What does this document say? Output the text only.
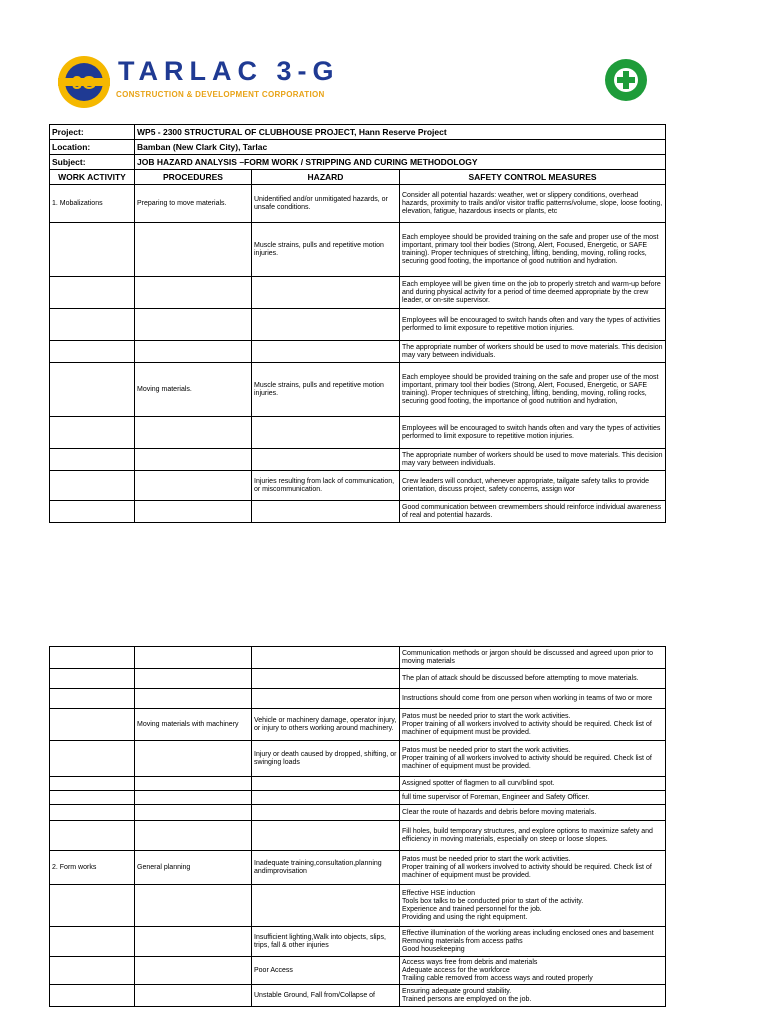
3G TARLAC 3-G
CONSTRUCTION & DEVELOPMENT CORPORATION
Project:	WP5 - 2300 STRUCTURAL OF CLUBHOUSE PROJECT, Hann Reserve Project		
Location:	Bamban (New Clark City), Tarlac		
Subject:	JOB HAZARD ANALYSIS –FORM WORK / STRIPPING AND CURING METHODOLOGY		
WORK ACTIVITY	PROCEDURES	HAZARD	SAFETY CONTROL MEASURES
1. Mobalizations	Preparing to move materials.	Unidentified and/or unmitigated hazards, or unsafe conditions.	Consider all potential hazards: weather, wet or slippery conditions, overhead hazards, proximity to trails and/or visitor traffic patterns/volume, slope, loose footing, elevation, fatigue, hazardous insects or plants, etc
		Muscle strains, pulls and repetitive motion injuries.	Each employee should be provided training on the safe and proper use of the most important, primary tool their bodies (Strong, Alert, Focused, Energetic, or SAFE training). Proper techniques of stretching, lifting, bending, moving, rolling rocks, securing good footing, the importance of good nutrition and hydration.
			Each employee will be given time on the job to properly stretch and warm-up before and during physical activity for a period of time deemed appropriate by the crew leader, or on-site supervisor.
			Employees will be encouraged to switch hands often and vary the types of activities performed to limit exposure to repetitive motion injuries.
			The appropriate number of workers should be used to move materials. This decision may vary between individuals.
	Moving materials.	Muscle strains, pulls and repetitive motion injuries.	Each employee should be provided training on the safe and proper use of the most important, primary tool their bodies (Strong, Alert, Focused, Energetic, or SAFE training). Proper techniques of stretching, lifting, bending, moving, rolling rocks, securing good footing, the importance of good nutrition and hydration,
			Employees will be encouraged to switch hands often and vary the types of activities performed to limit exposure to repetitive motion injuries.
			The appropriate number of workers should be used to move materials. This decision may vary between individuals.
		Injuries resulting from lack of communication, or miscommunication.	Crew leaders will conduct, whenever appropriate, tailgate safety talks to provide orientation, discuss project, safety concerns, assign wor
			Good communication between crewmembers should reinforce individual awareness of real and potential hazards.
			Communication methods or jargon should be discussed and agreed upon prior to moving materials
			The plan of attack should be discussed before attempting to move materials.
			Instructions should come from one person when working in teams of two or more
	Moving materials with machinery	Vehicle or machinery damage, operator injury, or injury to others working around machinery.	Patos must be needed prior to start the work activities.
Proper training of all workers involved to activity should be required. Check list of machiner of equipment must be provided.
		Injury or death caused by dropped, shifting, or swinging loads	Patos must be needed prior to start the work activities.
Proper training of all workers involved to activity should be required. Check list of machiner of equipment must be provided.
			Assigned spotter of flagmen to all curv/blind spot.
			full time supervisor of Foreman, Engineer and Safety Officer.
			Clear the route of hazards and debris before moving materials.
			Fill holes, build temporary structures, and explore options to maximize safety and efficiency in moving materials, especially on steep or loose slopes.
2. Form works	General planning	Inadequate training,consultation,planning andimprovisation	Patos must be needed prior to start the work activities.
Proper training of all workers involved to activity should be required. Check list of machiner of equipment must be provided.
			Effective HSE induction
Tools box talks to be conducted prior to start of the activity.
Experience and trained personnel for the job.
Providing and using the right equipment.
		Insufficient lighting,Walk into objects, slips, trips, fall & other injuries	Effective illumination of the working areas including enclosed ones and basement Removing materials from access paths
Good housekeeping
		Poor Access	Access ways free from debris and materials
Adequate access for the workforce
Trailing cable removed from access ways and routed properly
		Unstable Ground, Fall from/Collapse of	Ensuring adequate ground stability.
Trained persons are employed on the job.
